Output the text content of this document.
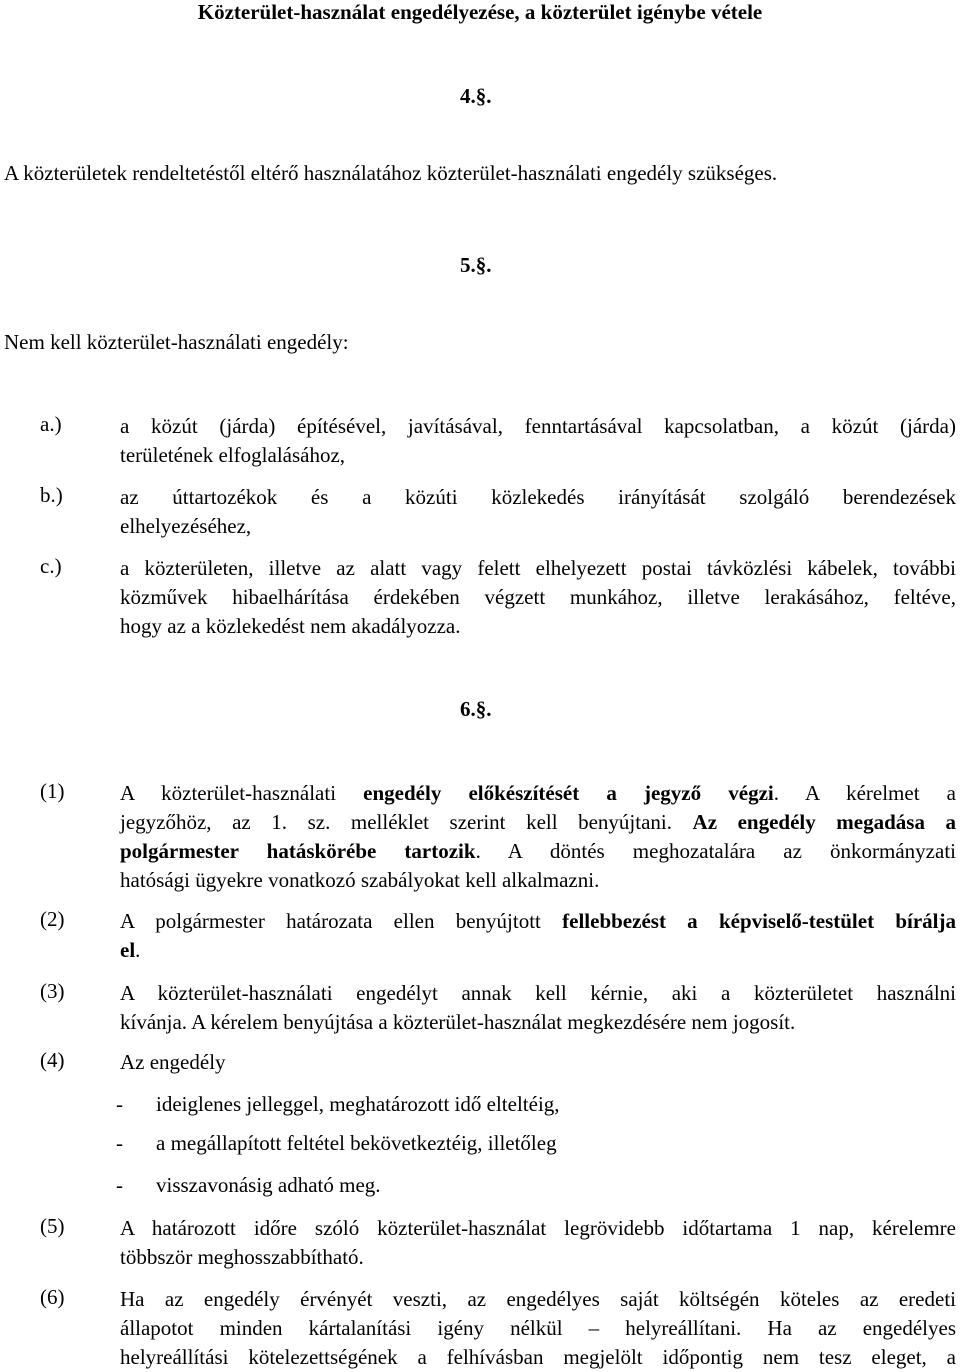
Közterület-használat engedélyezése, a közterület igénybe vétele
4.§.
A közterületek rendeltetéstől eltérő használatához közterület-használati engedély szükséges.
5.§.
Nem kell közterület-használati engedély:
a.)	a közút (járda) építésével, javításával, fenntartásával kapcsolatban, a közút (járda)
területének elfoglalásához,
b.)	az úttartozékok és a közúti közlekedés irányítását szolgáló berendezések
elhelyezéséhez,
c.)	a közterületen, illetve az alatt vagy felett elhelyezett postai távközlési kábelek, további
közművek hibaelhárítása érdekében végzett munkához, illetve lerakásához, feltéve,
hogy az a közlekedést nem akadályozza.
6.§.
(1)	A közterület-használati engedély előkészítését a jegyző végzi. A kérelmet a
jegyzőhöz, az 1. sz. melléklet szerint kell benyújtani. Az engedély megadása a
polgármester hatáskörébe tartozik. A döntés meghozatalára az önkormányzati
hatósági ügyekre vonatkozó szabályokat kell alkalmazni.
(2)	A polgármester határozata ellen benyújtott fellebbezést a képviselő-testület bírálja
el.
(3)	A közterület-használati engedélyt annak kell kérnie, aki a közterületet használni
kívánja. A kérelem benyújtása a közterület-használat megkezdésére nem jogosít.
(4)	Az engedély
- ideiglenes jelleggel, meghatározott idő elteltéig,
- a megállapított feltétel bekövetkeztéig, illetőleg
- visszavonásig adható meg.
(5)	A határozott időre szóló közterület-használat legrövidebb időtartama 1 nap, kérelemre
többször meghosszabbítható.
(6)	Ha az engedély érvényét veszti, az engedélyes saját költségén köteles az eredeti
állapotot minden kártalanítási igény nélkül – helyreállítani. Ha az engedélyes
helyreállítási kötelezettségének a felhívásban megjelölt időpontig nem tesz eleget, a
